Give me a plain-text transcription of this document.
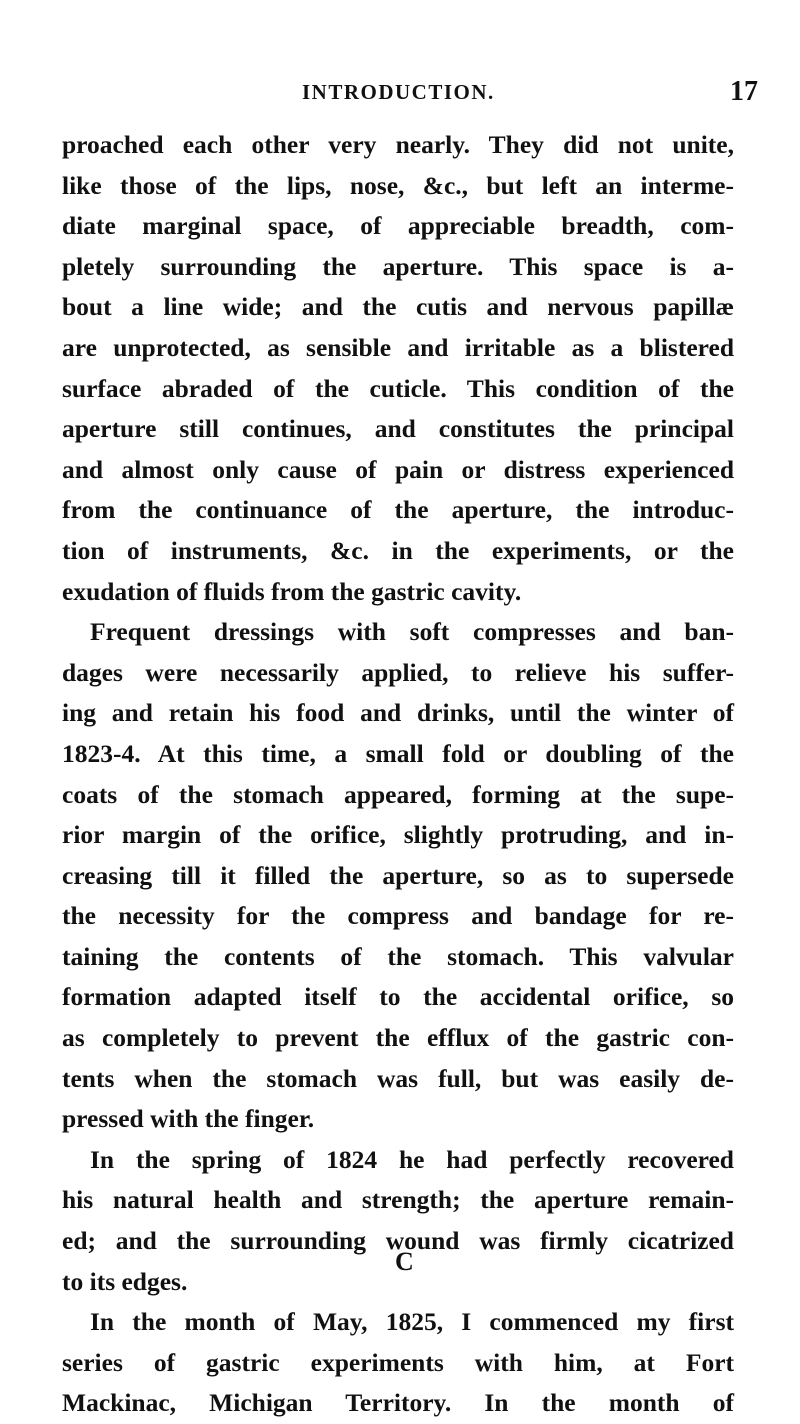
INTRODUCTION.	17
proached each other very nearly. They did not unite,
like those of the lips, nose, &c., but left an interme-
diate marginal space, of appreciable breadth, com-
pletely surrounding the aperture. This space is a-
bout a line wide; and the cutis and nervous papillæ
are unprotected, as sensible and irritable as a blistered
surface abraded of the cuticle. This condition of the
aperture still continues, and constitutes the principal
and almost only cause of pain or distress experienced
from the continuance of the aperture, the introduc-
tion of instruments, &c. in the experiments, or the
exudation of fluids from the gastric cavity.
Frequent dressings with soft compresses and ban-
dages were necessarily applied, to relieve his suffer-
ing and retain his food and drinks, until the winter of
1823-4. At this time, a small fold or doubling of the
coats of the stomach appeared, forming at the supe-
rior margin of the orifice, slightly protruding, and in-
creasing till it filled the aperture, so as to supersede
the necessity for the compress and bandage for re-
taining the contents of the stomach. This valvular
formation adapted itself to the accidental orifice, so
as completely to prevent the efflux of the gastric con-
tents when the stomach was full, but was easily de-
pressed with the finger.
In the spring of 1824 he had perfectly recovered
his natural health and strength; the aperture remain-
ed; and the surrounding wound was firmly cicatrized
to its edges.
In the month of May, 1825, I commenced my first
series of gastric experiments with him, at Fort
Mackinac, Michigan Territory. In the month of
C
